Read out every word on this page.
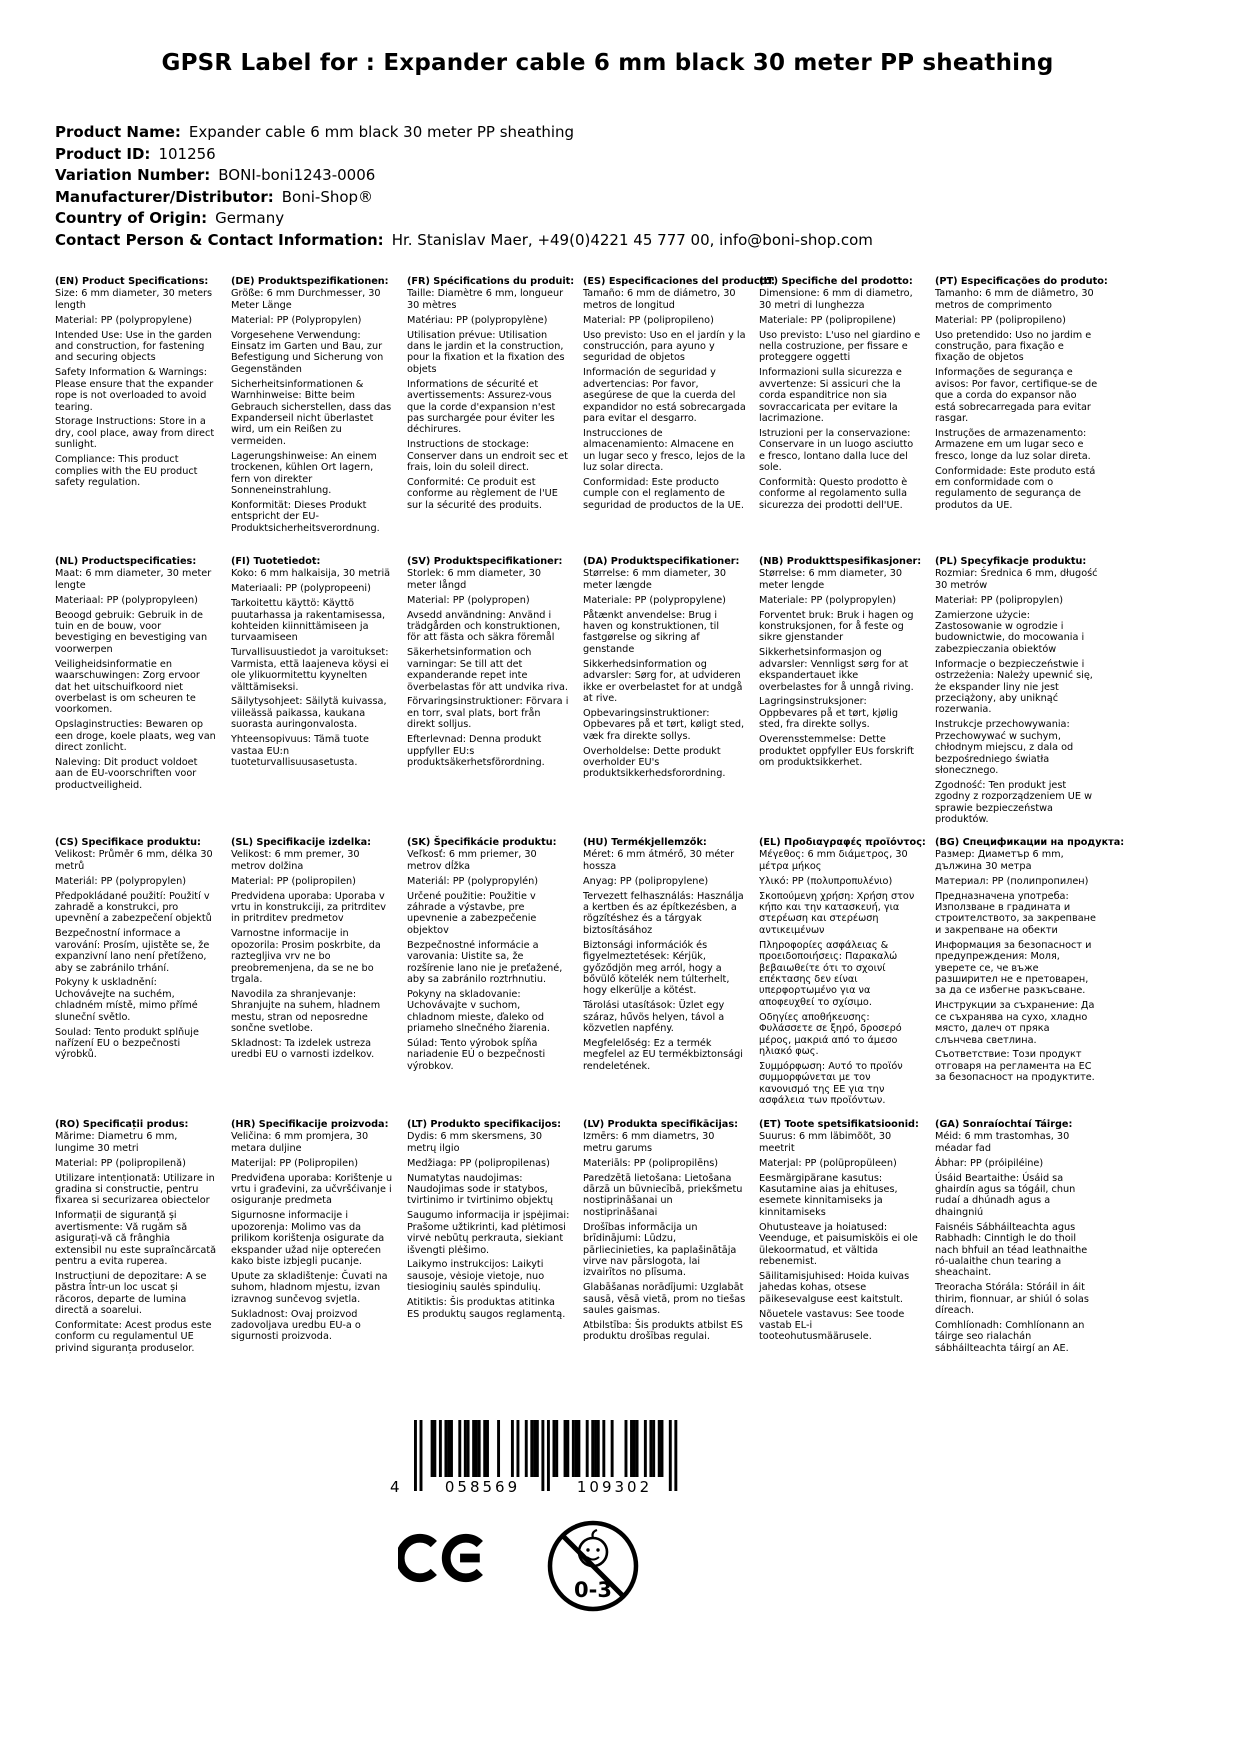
GPSR Label for : Expander cable 6 mm black 30 meter PP sheathing
Product Name: Expander cable 6 mm black 30 meter PP sheathing
Product ID: 101256
Variation Number: BONI-boni1243-0006
Manufacturer/Distributor: Boni-Shop®
Country of Origin: Germany
Contact Person & Contact Information: Hr. Stanislav Maer, +49(0)4221 45 777 00, info@boni-shop.com
(EN) Product Specifications:

Size: 6 mm diameter, 30 meters length

Material: PP (polypropylene)

Intended Use: Use in the garden and construction, for fastening and securing objects

Safety Information & Warnings: Please ensure that the expander rope is not overloaded to avoid tearing.

Storage Instructions: Store in a dry, cool place, away from direct sunlight.

Compliance: This product complies with the EU product safety regulation.

(DE) Produktspezifikationen:

Größe: 6 mm Durchmesser, 30 Meter Länge

Material: PP (Polypropylen)

Vorgesehene Verwendung: Einsatz im Garten und Bau, zur Befestigung und Sicherung von Gegenständen

Sicherheitsinformationen & Warnhinweise: Bitte beim Gebrauch sicherstellen, dass das Expanderseil nicht überlastet wird, um ein Reißen zu vermeiden.

Lagerungshinweise: An einem trockenen, kühlen Ort lagern, fern von direkter Sonneneinstrahlung.

Konformität: Dieses Produkt entspricht der EU-Produktsicherheitsverordnung.

(FR) Spécifications du produit:

Taille: Diamètre 6 mm, longueur 30 mètres

Matériau: PP (polypropylène)

Utilisation prévue: Utilisation dans le jardin et la construction, pour la fixation et la fixation des objets

Informations de sécurité et avertissements: Assurez-vous que la corde d'expansion n'est pas surchargée pour éviter les déchirures.

Instructions de stockage: Conserver dans un endroit sec et frais, loin du soleil direct.

Conformité: Ce produit est conforme au règlement de l'UE sur la sécurité des produits.

(ES) Especificaciones del producto:

Tamaño: 6 mm de diámetro, 30 metros de longitud

Material: PP (polipropileno)

Uso previsto: Uso en el jardín y la construcción, para ayuno y seguridad de objetos

Información de seguridad y advertencias: Por favor, asegúrese de que la cuerda del expandidor no está sobrecargada para evitar el desgarro.

Instrucciones de almacenamiento: Almacene en un lugar seco y fresco, lejos de la luz solar directa.

Conformidad: Este producto cumple con el reglamento de seguridad de productos de la UE.

(IT) Specifiche del prodotto:

Dimensione: 6 mm di diametro, 30 metri di lunghezza

Materiale: PP (polipropilene)

Uso previsto: L'uso nel giardino e nella costruzione, per fissare e proteggere oggetti

Informazioni sulla sicurezza e avvertenze: Si assicuri che la corda espanditrice non sia sovraccaricata per evitare la lacrimazione.

Istruzioni per la conservazione: Conservare in un luogo asciutto e fresco, lontano dalla luce del sole.

Conformità: Questo prodotto è conforme al regolamento sulla sicurezza dei prodotti dell'UE.

(PT) Especificações do produto:

Tamanho: 6 mm de diâmetro, 30 metros de comprimento

Material: PP (polipropileno)

Uso pretendido: Uso no jardim e construção, para fixação e fixação de objetos

Informações de segurança e avisos: Por favor, certifique-se de que a corda do expansor não está sobrecarregada para evitar rasgar.

Instruções de armazenamento: Armazene em um lugar seco e fresco, longe da luz solar direta.

Conformidade: Este produto está em conformidade com o regulamento de segurança de produtos da UE.

(NL) Productspecificaties:

Maat: 6 mm diameter, 30 meter lengte

Materiaal: PP (polypropyleen)

Beoogd gebruik: Gebruik in de tuin en de bouw, voor bevestiging en bevestiging van voorwerpen

Veiligheidsinformatie en waarschuwingen: Zorg ervoor dat het uitschuifkoord niet overbelast is om scheuren te voorkomen.

Opslaginstructies: Bewaren op een droge, koele plaats, weg van direct zonlicht.

Naleving: Dit product voldoet aan de EU-voorschriften voor productveiligheid.

(FI) Tuotetiedot:

Koko: 6 mm halkaisija, 30 metriä

Materiaali: PP (polypropeeni)

Tarkoitettu käyttö: Käyttö puutarhassa ja rakentamisessa, kohteiden kiinnittämiseen ja turvaamiseen

Turvallisuustiedot ja varoitukset: Varmista, että laajeneva köysi ei ole ylikuormitettu kyynelten välttämiseksi.

Säilytysohjeet: Säilytä kuivassa, viileässä paikassa, kaukana suorasta auringonvalosta.

Yhteensopivuus: Tämä tuote vastaa EU:n tuoteturvallisuusasetusta.

(SV) Produktspecifikationer:

Storlek: 6 mm diameter, 30 meter långd

Material: PP (polypropen)

Avsedd användning: Använd i trädgården och konstruktionen, för att fästa och säkra föremål

Säkerhetsinformation och varningar: Se till att det expanderande repet inte överbelastas för att undvika riva.

Förvaringsinstruktioner: Förvara i en torr, sval plats, bort från direkt solljus.

Efterlevnad: Denna produkt uppfyller EU:s produktsäkerhetsförordning.

(DA) Produktspecifikationer:

Størrelse: 6 mm diameter, 30 meter længde

Materiale: PP (polypropylene)

Påtænkt anvendelse: Brug i haven og konstruktionen, til fastgørelse og sikring af genstande

Sikkerhedsinformation og advarsler: Sørg for, at udvideren ikke er overbelastet for at undgå at rive.

Opbevaringsinstruktioner: Opbevares på et tørt, køligt sted, væk fra direkte sollys.

Overholdelse: Dette produkt overholder EU's produktsikkerhedsforordning.

(NB) Produkttspesifikasjoner:

Størrelse: 6 mm diameter, 30 meter lengde

Materiale: PP (polypropylen)

Forventet bruk: Bruk i hagen og konstruksjonen, for å feste og sikre gjenstander

Sikkerhetsinformasjon og advarsler: Vennligst sørg for at ekspandertauet ikke overbelastes for å unngå riving.

Lagringsinstruksjoner: Oppbevares på et tørt, kjølig sted, fra direkte sollys.

Overensstemmelse: Dette produktet oppfyller EUs forskrift om produktsikkerhet.

(PL) Specyfikacje produktu:

Rozmiar: Średnica 6 mm, długość 30 metrów

Materiał: PP (polipropylen)

Zamierzone użycie: Zastosowanie w ogrodzie i budownictwie, do mocowania i zabezpieczania obiektów

Informacje o bezpieczeństwie i ostrzeżenia: Należy upewnić się, że ekspander liny nie jest przeciążony, aby uniknąć rozerwania.

Instrukcje przechowywania: Przechowywać w suchym, chłodnym miejscu, z dala od bezpośredniego światła słonecznego.

Zgodność: Ten produkt jest zgodny z rozporządzeniem UE w sprawie bezpieczeństwa produktów.

(CS) Specifikace produktu:

Velikost: Průměr 6 mm, délka 30 metrů

Materiál: PP (polypropylen)

Předpokládané použití: Použití v zahradě a konstrukci, pro upevnění a zabezpečení objektů

Bezpečnostní informace a varování: Prosím, ujistěte se, že expanzivní lano není přetíženo, aby se zabránilo trhání.

Pokyny k uskladnění: Uchovávejte na suchém, chladném místě, mimo přímé sluneční světlo.

Soulad: Tento produkt splňuje nařízení EU o bezpečnosti výrobků.

(SL) Specifikacije izdelka:

Velikost: 6 mm premer, 30 metrov dolžina

Material: PP (polipropilen)

Predvidena uporaba: Uporaba v vrtu in konstrukciji, za pritrditev in pritrditev predmetov

Varnostne informacije in opozorila: Prosim poskrbite, da raztegljiva vrv ne bo preobremenjena, da se ne bo trgala.

Navodila za shranjevanje: Shranjujte na suhem, hladnem mestu, stran od neposredne sončne svetlobe.

Skladnost: Ta izdelek ustreza uredbi EU o varnosti izdelkov.

(SK) Špecifikácie produktu:

Veľkosť: 6 mm priemer, 30 metrov dĺžka

Materiál: PP (polypropylén)

Určené použitie: Použitie v záhrade a výstavbe, pre upevnenie a zabezpečenie objektov

Bezpečnostné informácie a varovania: Uistite sa, že rozšírenie lano nie je preťažené, aby sa zabránilo roztrhnutiu.

Pokyny na skladovanie: Uchovávajte v suchom, chladnom mieste, ďaleko od priameho slnečného žiarenia.

Súlad: Tento výrobok spĺňa nariadenie EÚ o bezpečnosti výrobkov.

(HU) Termékjellemzők:

Méret: 6 mm átmérő, 30 méter hossza

Anyag: PP (polipropylene)

Tervezett felhasználás: Használja a kertben és az építkezésben, a rögzítéshez és a tárgyak biztosításához

Biztonsági információk és figyelmeztetések: Kérjük, győződjön meg arról, hogy a bővülő kötelék nem túlterhelt, hogy elkerülje a kötést.

Tárolási utasítások: Üzlet egy száraz, hűvös helyen, távol a közvetlen napfény.

Megfelelőség: Ez a termék megfelel az EU termékbiztonsági rendeletének.

(EL) Προδιαγραφές προϊόντος:

Μέγεθος: 6 mm διάμετρος, 30 μέτρα μήκος

Υλικό: PP (πολυπροπυλένιο)

Σκοπούμενη χρήση: Χρήση στον κήπο και την κατασκευή, για στερέωση και στερέωση αντικειμένων

Πληροφορίες ασφάλειας & προειδοποιήσεις: Παρακαλώ βεβαιωθείτε ότι το σχοινί επέκτασης δεν είναι υπερφορτωμένο για να αποφευχθεί το σχίσιμο.

Οδηγίες αποθήκευσης: Φυλάσσετε σε ξηρό, δροσερό μέρος, μακριά από το άμεσο ηλιακό φως.

Συμμόρφωση: Αυτό το προϊόν συμμορφώνεται με τον κανονισμό της ΕΕ για την ασφάλεια των προϊόντων.

(BG) Спецификации на продукта:

Размер: Диаметър 6 mm, дължина 30 метра

Материал: PP (полипропилен)

Предназначена употреба: Използване в градината и строителството, за закрепване и закрепване на обекти

Информация за безопасност и предупреждения: Моля, уверете се, че въже разширител не е претоварен, за да се избегне разкъсване.

Инструкции за съхранение: Да се съхранява на сухо, хладно място, далеч от пряка слънчева светлина.

Съответствие: Този продукт отговаря на регламента на ЕС за безопасност на продуктите.

(RO) Specificații produs:

Mărime: Diametru 6 mm, lungime 30 metri

Material: PP (polipropilenă)

Utilizare intenționată: Utilizare in gradina si constructie, pentru fixarea si securizarea obiectelor

Informații de siguranță și avertismente: Vă rugăm să asigurați-vă că frânghia extensibil nu este supraîncărcată pentru a evita ruperea.

Instrucțiuni de depozitare: A se păstra într-un loc uscat și răcoros, departe de lumina directă a soarelui.

Conformitate: Acest produs este conform cu regulamentul UE privind siguranța produselor.

(HR) Specifikacije proizvoda:

Veličina: 6 mm promjera, 30 metara duljine

Materijal: PP (Polipropilen)

Predviđena uporaba: Korištenje u vrtu i građevini, za učvršćivanje i osiguranje predmeta

Sigurnosne informacije i upozorenja: Molimo vas da prilikom korištenja osigurate da ekspander užad nije opterećen kako biste izbjegli pucanje.

Upute za skladištenje: Čuvati na suhom, hladnom mjestu, izvan izravnog sunčevog svjetla.

Sukladnost: Ovaj proizvod zadovoljava uredbu EU-a o sigurnosti proizvoda.

(LT) Produkto specifikacijos:

Dydis: 6 mm skersmens, 30 metrų ilgio

Medžiaga: PP (polipropilenas)

Numatytas naudojimas: Naudojimas sode ir statybos, tvirtinimo ir tvirtinimo objektų

Saugumo informacija ir įspėjimai: Prašome užtikrinti, kad plėtimosi virvė nebūtų perkrauta, siekiant išvengti plėšimo.

Laikymo instrukcijos: Laikyti sausoje, vėsioje vietoje, nuo tiesioginių saulės spindulių.

Atitiktis: Šis produktas atitinka ES produktų saugos reglamentą.

(LV) Produkta specifikācijas:

Izmērs: 6 mm diametrs, 30 metru garums

Materiāls: PP (polipropilēns)

Paredzētā lietošana: Lietošana dārzā un būvniecībā, priekšmetu nostiprināšanai un nostiprināšanai

Drošības informācija un brīdinājumi: Lūdzu, pārliecinieties, ka paplašinātāja virve nav pārslogota, lai izvairītos no plīsuma.

Glabāšanas norādījumi: Uzglabāt sausā, vēsā vietā, prom no tiešas saules gaismas.

Atbilstība: Šis produkts atbilst ES produktu drošības regulai.

(ET) Toote spetsifikatsioonid:

Suurus: 6 mm läbimõõt, 30 meetrit

Materjal: PP (polüpropüleen)

Eesmärgipärane kasutus: Kasutamine aias ja ehituses, esemete kinnitamiseks ja kinnitamiseks

Ohutusteave ja hoiatused: Veenduge, et paisumisköis ei ole ülekoormatud, et vältida rebenemist.

Säilitamisjuhised: Hoida kuivas jahedas kohas, otsese päikesevalguse eest kaitstult.

Nõuetele vastavus: See toode vastab EL-i tooteohutusmäärusele.

(GA) Sonraíochtaí Táirge:

Méid: 6 mm trastomhas, 30 méadar fad

Ábhar: PP (próipiléine)

Úsáid Beartaithe: Úsáid sa ghairdín agus sa tógáil, chun rudaí a dhúnadh agus a dhaingniú

Faisnéis Sábháilteachta agus Rabhadh: Cinntigh le do thoil nach bhfuil an téad leathnaithe ró-ualaithe chun tearing a sheachaint.

Treoracha Stórála: Stóráil in áit thirim, fionnuar, ar shiúl ó solas díreach.

Comhlíonadh: Comhlíonann an táirge seo rialachán sábháilteachta táirgí an AE.

4	058569	109302
0-3
